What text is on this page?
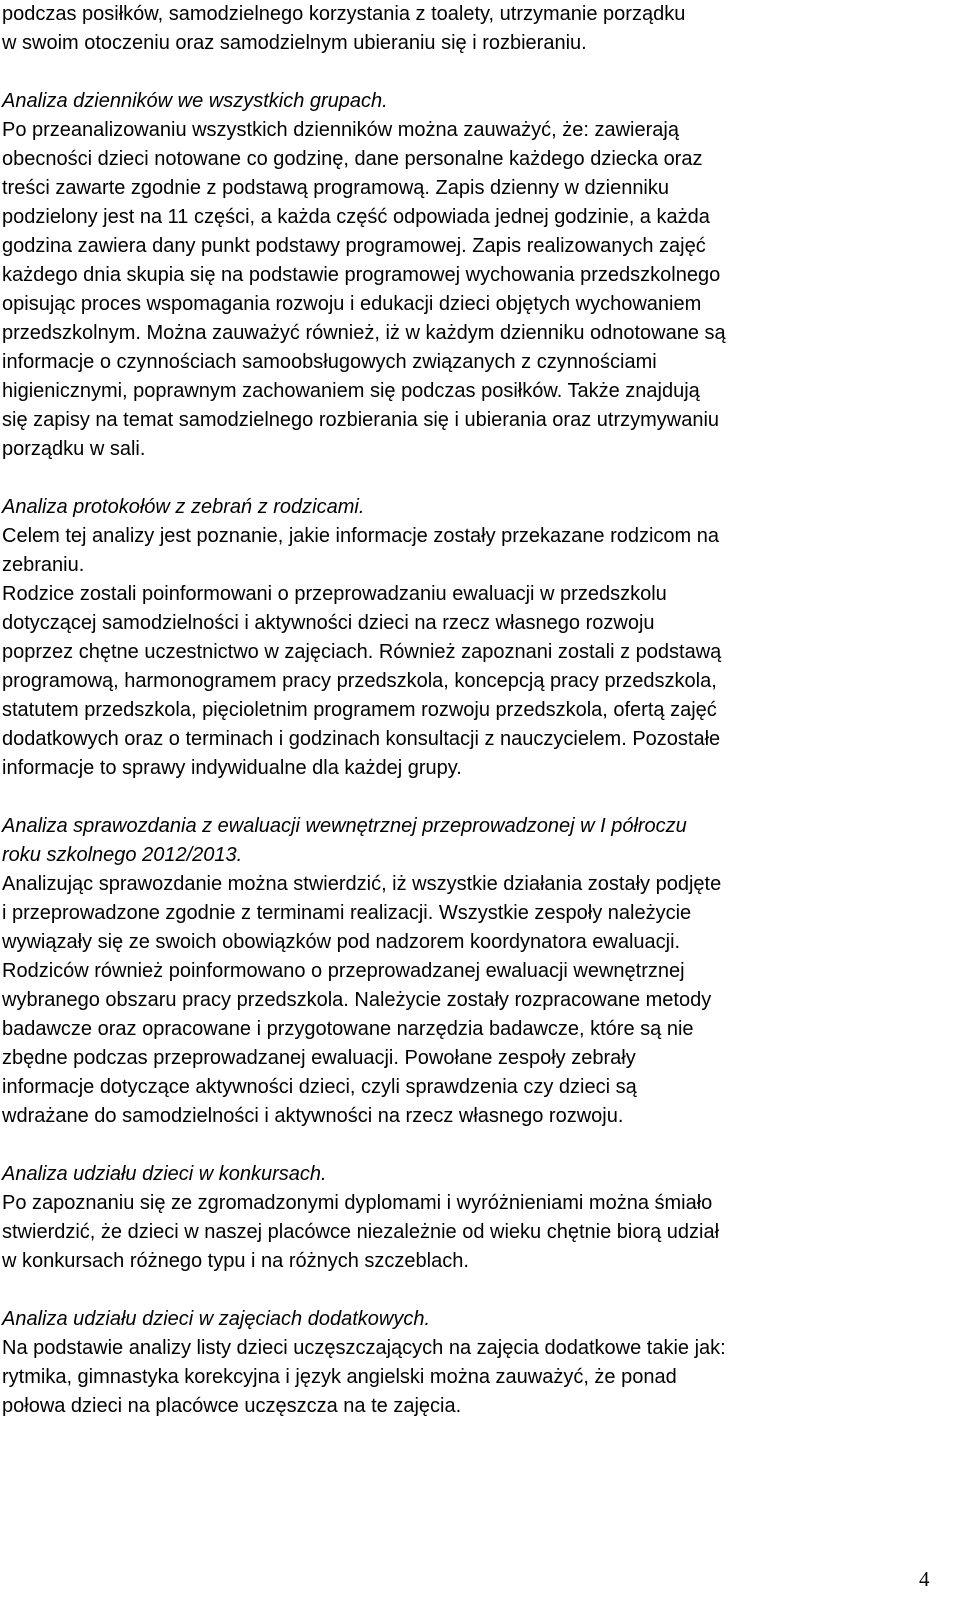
podczas posiłków, samodzielnego korzystania z toalety, utrzymanie porządku

w swoim otoczeniu oraz samodzielnym ubieraniu się i rozbieraniu.

Analiza dzienników we wszystkich grupach.

Po przeanalizowaniu wszystkich dzienników można zauważyć, że: zawierają

obecności dzieci notowane co godzinę, dane personalne każdego dziecka oraz

treści zawarte zgodnie z podstawą programową. Zapis dzienny w dzienniku

podzielony jest na 11 części, a każda część odpowiada jednej godzinie, a każda

godzina zawiera dany punkt podstawy programowej. Zapis realizowanych zajęć

każdego dnia skupia się na podstawie programowej wychowania przedszkolnego

opisując proces wspomagania rozwoju i edukacji dzieci objętych wychowaniem

przedszkolnym. Można zauważyć również, iż w każdym dzienniku odnotowane są

informacje o czynnościach samoobsługowych związanych z czynnościami

higienicznymi, poprawnym zachowaniem się podczas posiłków. Także znajdują

się zapisy na temat samodzielnego rozbierania się i ubierania oraz utrzymywaniu

porządku w sali.

Analiza protokołów z zebrań z rodzicami.

Celem tej analizy jest poznanie, jakie informacje zostały przekazane rodzicom na

zebraniu.

Rodzice zostali poinformowani o przeprowadzaniu ewaluacji w przedszkolu

dotyczącej samodzielności i aktywności dzieci na rzecz własnego rozwoju

poprzez chętne uczestnictwo w zajęciach. Również zapoznani zostali z podstawą

programową, harmonogramem pracy przedszkola, koncepcją pracy przedszkola,

statutem przedszkola, pięcioletnim programem rozwoju przedszkola, ofertą zajęć

dodatkowych oraz o terminach i godzinach konsultacji z nauczycielem. Pozostałe

informacje to sprawy indywidualne dla każdej grupy.

Analiza sprawozdania z ewaluacji wewnętrznej przeprowadzonej w I półroczu

roku szkolnego 2012/2013.

Analizując sprawozdanie można stwierdzić, iż wszystkie działania zostały podjęte

i przeprowadzone zgodnie z terminami realizacji. Wszystkie zespoły należycie

wywiązały się ze swoich obowiązków pod nadzorem koordynatora ewaluacji.

Rodziców również poinformowano o przeprowadzanej ewaluacji wewnętrznej

wybranego obszaru pracy przedszkola. Należycie zostały rozpracowane metody

badawcze oraz opracowane i przygotowane narzędzia badawcze, które są nie

zbędne podczas przeprowadzanej ewaluacji. Powołane zespoły zebrały

informacje dotyczące aktywności dzieci, czyli sprawdzenia czy dzieci są

wdrażane do samodzielności i aktywności na rzecz własnego rozwoju.

Analiza udziału dzieci w konkursach.

Po zapoznaniu się ze zgromadzonymi dyplomami i wyróżnieniami można śmiało

stwierdzić, że dzieci w naszej placówce niezależnie od wieku chętnie biorą udział

w konkursach różnego typu i na różnych szczeblach.

Analiza udziału dzieci w zajęciach dodatkowych.

Na podstawie analizy listy dzieci uczęszczających na zajęcia dodatkowe takie jak:

rytmika, gimnastyka korekcyjna i język angielski można zauważyć, że ponad

połowa dzieci na placówce uczęszcza na te zajęcia.

4
